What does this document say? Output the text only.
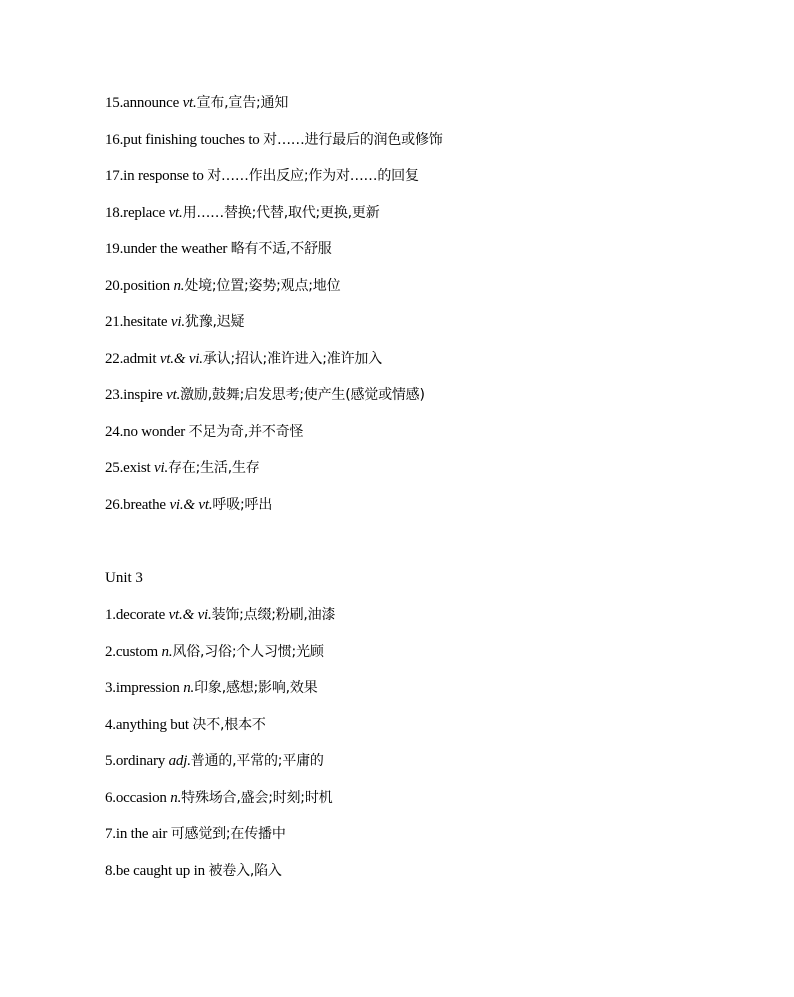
15.announce vt.宣布,宣告;通知
16.put finishing touches to 对……进行最后的润色或修饰
17.in response to 对……作出反应;作为对……的回复
18.replace vt.用……替换;代替,取代;更换,更新
19.under the weather 略有不适,不舒服
20.position n.处境;位置;姿势;观点;地位
21.hesitate vi.犹豫,迟疑
22.admit vt.& vi.承认;招认;准许进入;准许加入
23.inspire vt.激励,鼓舞;启发思考;使产生(感觉或情感)
24.no wonder 不足为奇,并不奇怪
25.exist vi.存在;生活,生存
26.breathe vi.& vt.呼吸;呼出
Unit 3
1.decorate vt.& vi.装饰;点缀;粉刷,油漆
2.custom n.风俗,习俗;个人习惯;光顾
3.impression n.印象,感想;影响,效果
4.anything but 决不,根本不
5.ordinary adj.普通的,平常的;平庸的
6.occasion n.特殊场合,盛会;时刻;时机
7.in the air 可感觉到;在传播中
8.be caught up in 被卷入,陷入
